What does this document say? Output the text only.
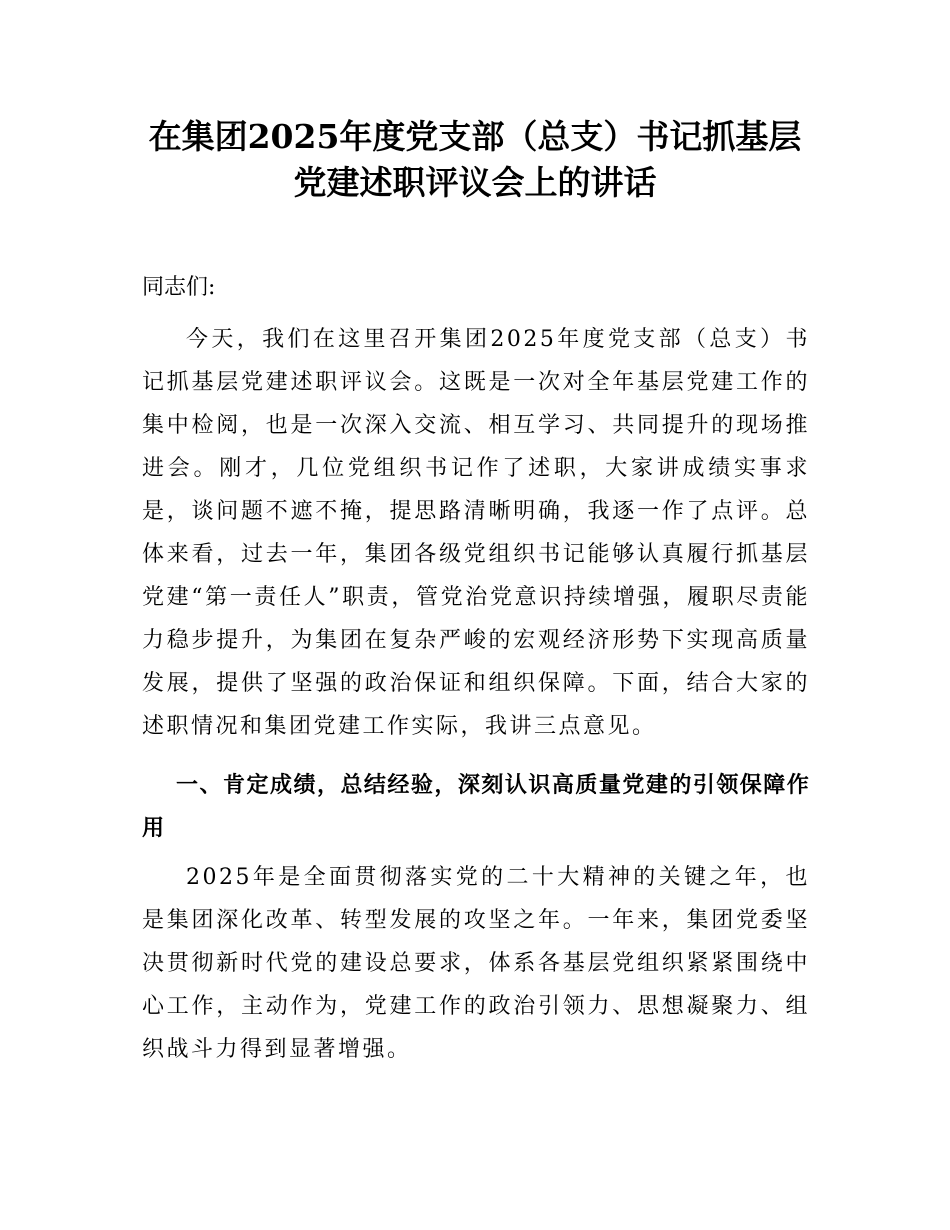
在集团2025年度党支部（总支）书记抓基层
党建述职评议会上的讲话

同志们:

今天，我们在这里召开集团2025年度党支部（总支）书记抓基层党建述职评议会。这既是一次对全年基层党建工作的集中检阅，也是一次深入交流、相互学习、共同提升的现场推进会。刚才，几位党组织书记作了述职，大家讲成绩实事求是，谈问题不遮不掩，提思路清晰明确，我逐一作了点评。总体来看，过去一年，集团各级党组织书记能够认真履行抓基层党建“第一责任人”职责，管党治党意识持续增强，履职尽责能力稳步提升，为集团在复杂严峻的宏观经济形势下实现高质量发展，提供了坚强的政治保证和组织保障。下面，结合大家的述职情况和集团党建工作实际，我讲三点意见。

一、肯定成绩，总结经验，深刻认识高质量党建的引领保障作用

2025年是全面贯彻落实党的二十大精神的关键之年，也是集团深化改革、转型发展的攻坚之年。一年来，集团党委坚决贯彻新时代党的建设总要求，体系各基层党组织紧紧围绕中心工作，主动作为，党建工作的政治引领力、思想凝聚力、组织战斗力得到显著增强。
